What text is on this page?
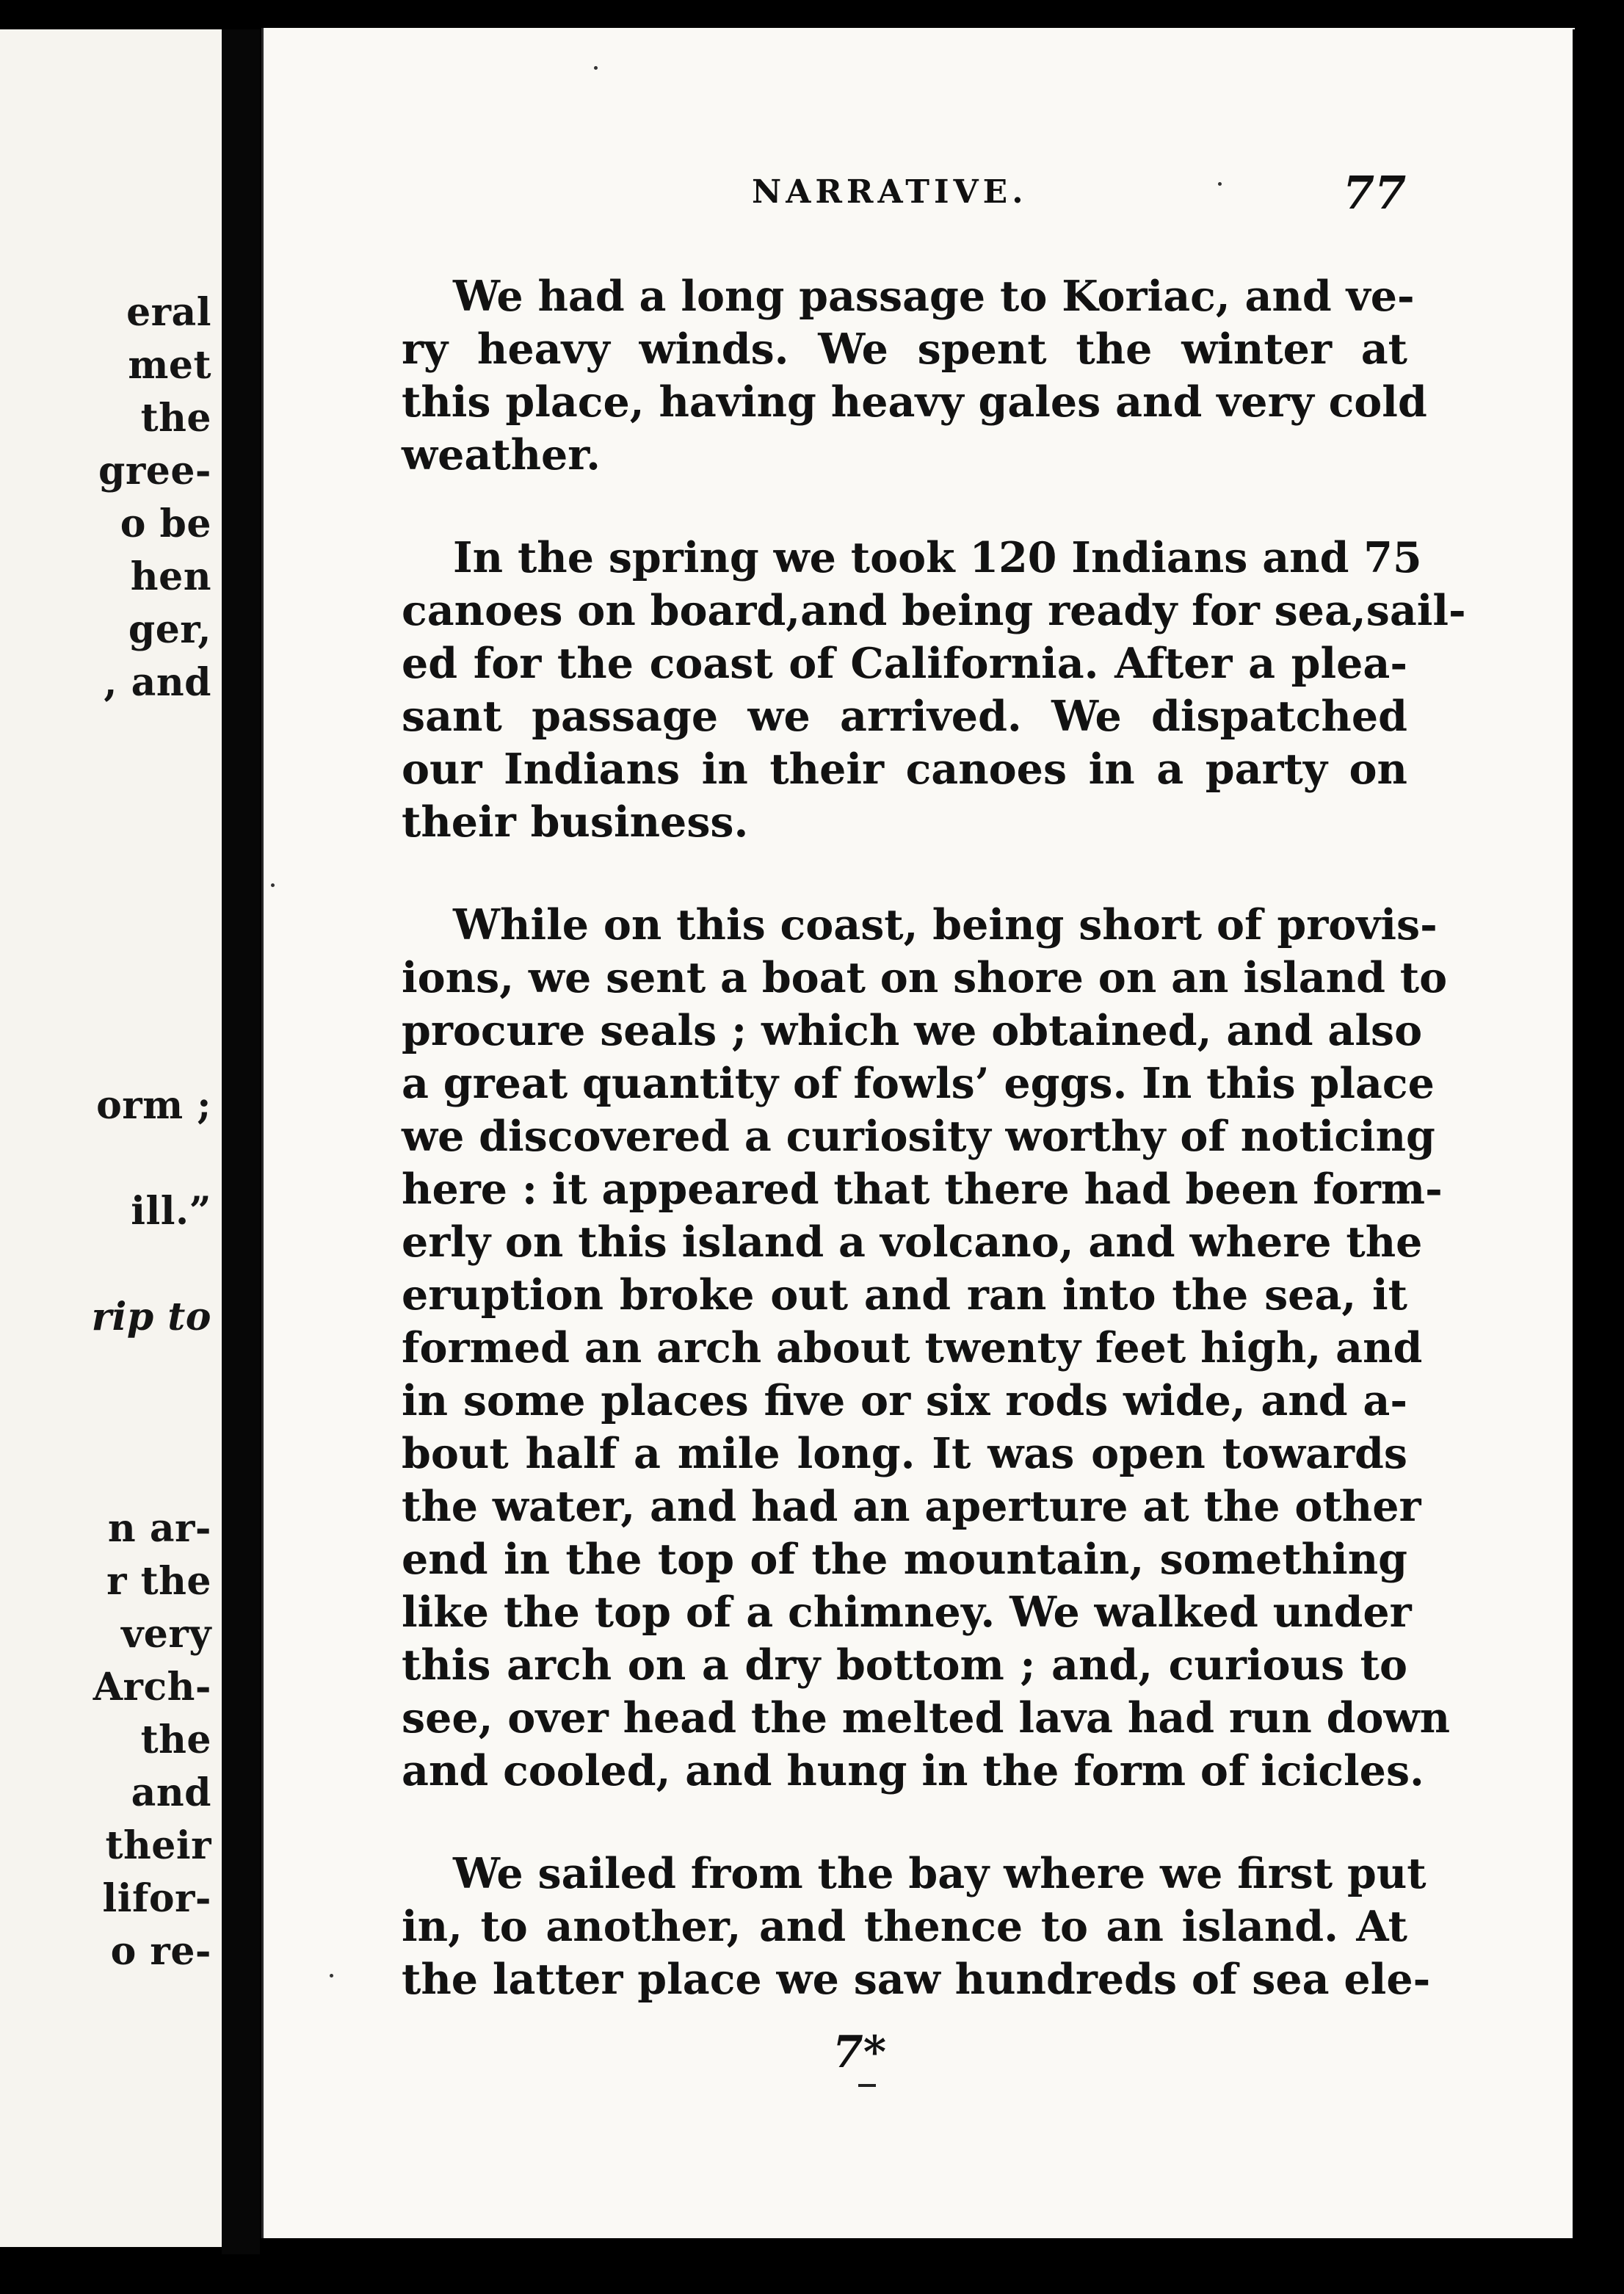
eral
met
the
gree-
o be
hen
ger,
, and
orm ;
ill.”
rip to
n ar-
r the
very
Arch-
the
and
their
lifor-
o re-
NARRATIVE.	77
We had a long passage to Koriac, and ve-
ry heavy winds. We spent the winter at
this place, having heavy gales and very cold
weather.
In the spring we took 120 Indians and 75
canoes on board,and being ready for sea,sail-
ed for the coast of California. After a plea-
sant passage we arrived. We dispatched
our Indians in their canoes in a party on
their business.
While on this coast, being short of provis-
ions, we sent a boat on shore on an island to
procure seals ; which we obtained, and also
a great quantity of fowls’ eggs. In this place
we discovered a curiosity worthy of noticing
here : it appeared that there had been form-
erly on this island a volcano, and where the
eruption broke out and ran into the sea, it
formed an arch about twenty feet high, and
in some places five or six rods wide, and a-
bout half a mile long. It was open towards
the water, and had an aperture at the other
end in the top of the mountain, something
like the top of a chimney. We walked under
this arch on a dry bottom ; and, curious to
see, over head the melted lava had run down
and cooled, and hung in the form of icicles.
We sailed from the bay where we first put
in, to another, and thence to an island. At
the latter place we saw hundreds of sea ele-
7*
